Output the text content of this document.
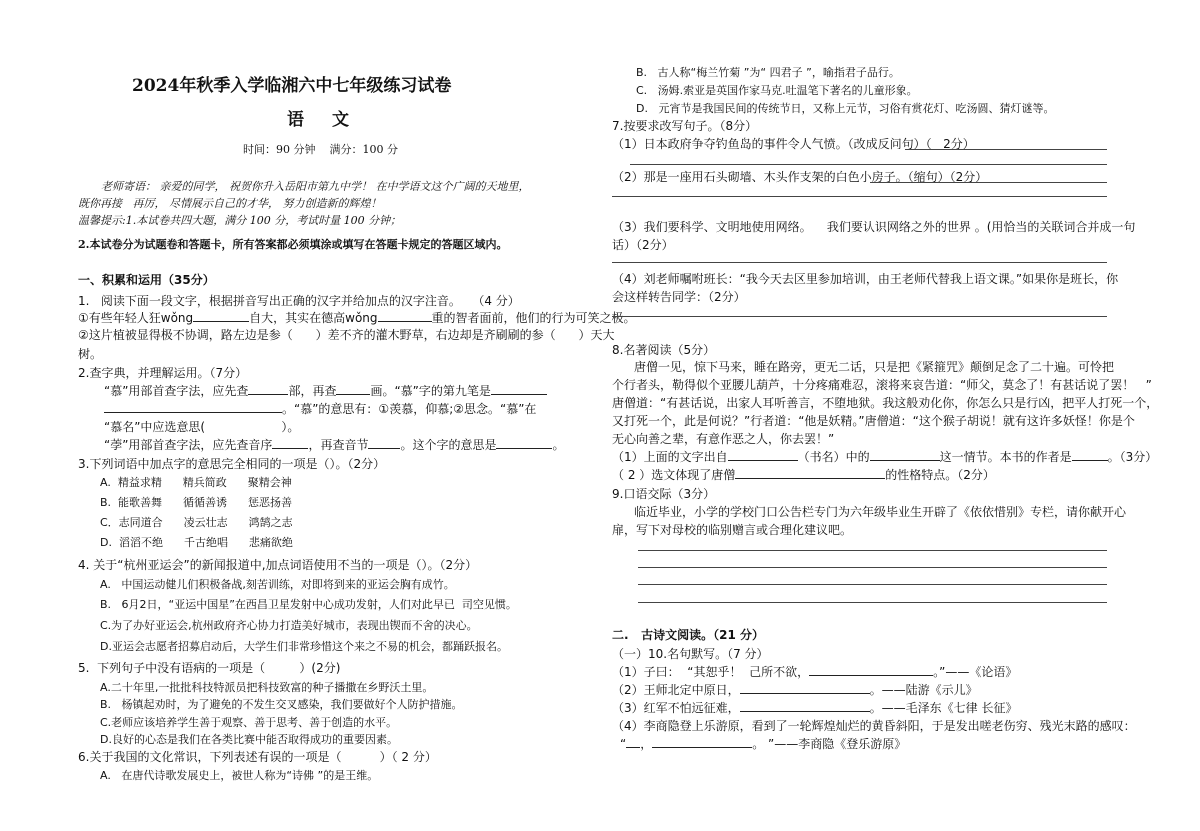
2024年秋季入学临湘六中七年级练习试卷
语文
时间：90 分钟    满分：100 分
老师寄语： 亲爱的同学， 祝贺你升入岳阳市第九中学！ 在中学语文这个广阔的天地里，
既你再接   再厉， 尽情展示自己的才华， 努力创造新的辉煌！
温馨提示:1.本试卷共四大题，满分 100 分，考试时量 100 分钟；
2.本试卷分为试题卷和答题卡，所有答案都必须填涂或填写在答题卡规定的答题区域内。
一、积累和运用（35分）
1.   阅读下面一段文字，根据拼音写出正确的汉字并给加点的汉字注音。   （4 分）
①有些年轻人狂wǒng	自大，其实在德高wǒng	重的智者面前，他们的行为可笑之极。
②这片植被显得极不协调，路左边是参（      ）差不齐的灌木野草，右边却是齐刷刷的参（      ）天大
树。
2.查字典，并理解运用。（7分）
“慕”用部首查字法，应先查	部，再查	画。“慕”字的第九笔是
。“慕”的意思有：①羡慕，仰慕;②思念。“慕”在
“慕名”中应选意思(                    ）。
“荸”用部首查字法，应先查音序	，再查音节	。这个字的意思是	。
3.下列词语中加点字的意思完全相同的一项是（）。（2分）
A.  精益求精      精兵简政      聚精会神
B.  能歌善舞      循循善诱      惩恶扬善
C．志同道合      凌云壮志      鸿鹄之志
D.  滔滔不绝      千古绝唱      悲痛欲绝
4. 关于“杭州亚运会”的新闻报道中,加点词语使用不当的一项是（）。（2分）
A.   中国运动健儿们积极备战,刻苦训练，对即将到来的亚运会胸有成竹。
B.   6月2日，“亚运中国星”在西昌卫星发射中心成功发射，人们对此早已  司空见惯。
C.为了办好亚运会,杭州政府齐心协力打造美好城市，表现出锲而不舍的决心。
D.亚运会志愿者招募启动后，大学生们非常珍惜这个来之不易的机会，都踊跃报名。
5.  下列句子中没有语病的一项是（         ）(2分)
A.二十年里,一批批科技特派员把科技致富的种子播撒在乡野沃土里。
B.   杨镇起劝时，为了避免的不发生交叉感染，我们要做好个人防护措施。
C.老师应该培养学生善于观察、善于思考、善于创造的水平。
D.良好的心态是我们在各类比赛中能否取得成功的重要因素。
6.关于我国的文化常识，下列表述有误的一项是（          ）（ 2 分）
A.   在唐代诗歌发展史上，被世人称为“诗佛 ”的是王维。
B.   古人称“梅兰竹菊 ”为“ 四君子 ”，喻指君子品行。
C.   汤姆.索亚是英国作家马克.吐温笔下著名的儿童形象。
D.   元宵节是我国民间的传统节日，又称上元节，习俗有赏花灯、吃汤圆、猜灯谜等。
7.按要求改写句子。（8分）
（1）日本政府争夺钓鱼岛的事件令人气愤。（改成反问句）（   2分）
（2）那是一座用石头砌墙、木头作支架的白色小房子。（缩句）（2分）
（3）我们要科学、文明地使用网络。    我们要认识网络之外的世界 。(用恰当的关联词合并成一句
话）（2分）
（4）刘老师嘱咐班长：“我今天去区里参加培训，由王老师代替我上语文课。”如果你是班长，你
会这样转告同学：（2分）
8.名著阅读（5分）
唐僧一见，惊下马来，睡在路旁，更无二话，只是把《紧箍咒》颠倒足念了二十遍。可怜把
个行者头，勒得似个亚腰儿葫芦，十分疼痛难忍，滚将来哀告道：“师父，莫念了！有甚话说了罢！   ”
唐僧道：“有甚话说，出家人耳听善言，不堕地狱。我这般劝化你，你怎么只是行凶，把平人打死一个，
又打死一个，此是何说？”行者道：“他是妖精。”唐僧道：“这个猴子胡说！就有这许多妖怪！你是个
无心向善之辈，有意作恶之人，你去罢！”
（1）上面的文字出自	（书名）中的	这一情节。本书的作者是	。（3分）
（ 2 ）选文体现了唐僧	的性格特点。（2分）
9.口语交际（3分）
临近毕业，小学的学校门口公告栏专门为六年级毕业生开辟了《依依惜别》专栏，请你献开心
扉，写下对母校的临别赠言或合理化建议吧。
二.   古诗文阅读。（21 分）
（一）10.名句默写。（7 分）
（1）子曰：  “其恕乎！  己所不欲，	。”——《论语》
（2）王师北定中原日，	。——陆游《示儿》
（3）红军不怕远征难，	。——毛泽东《七律 长征》
（4）李商隐登上乐游原，看到了一轮辉煌灿烂的黄昏斜阳，于是发出嗟老伤穷、残光末路的感叹：
“ ，	。 ”——李商隐《登乐游原》
